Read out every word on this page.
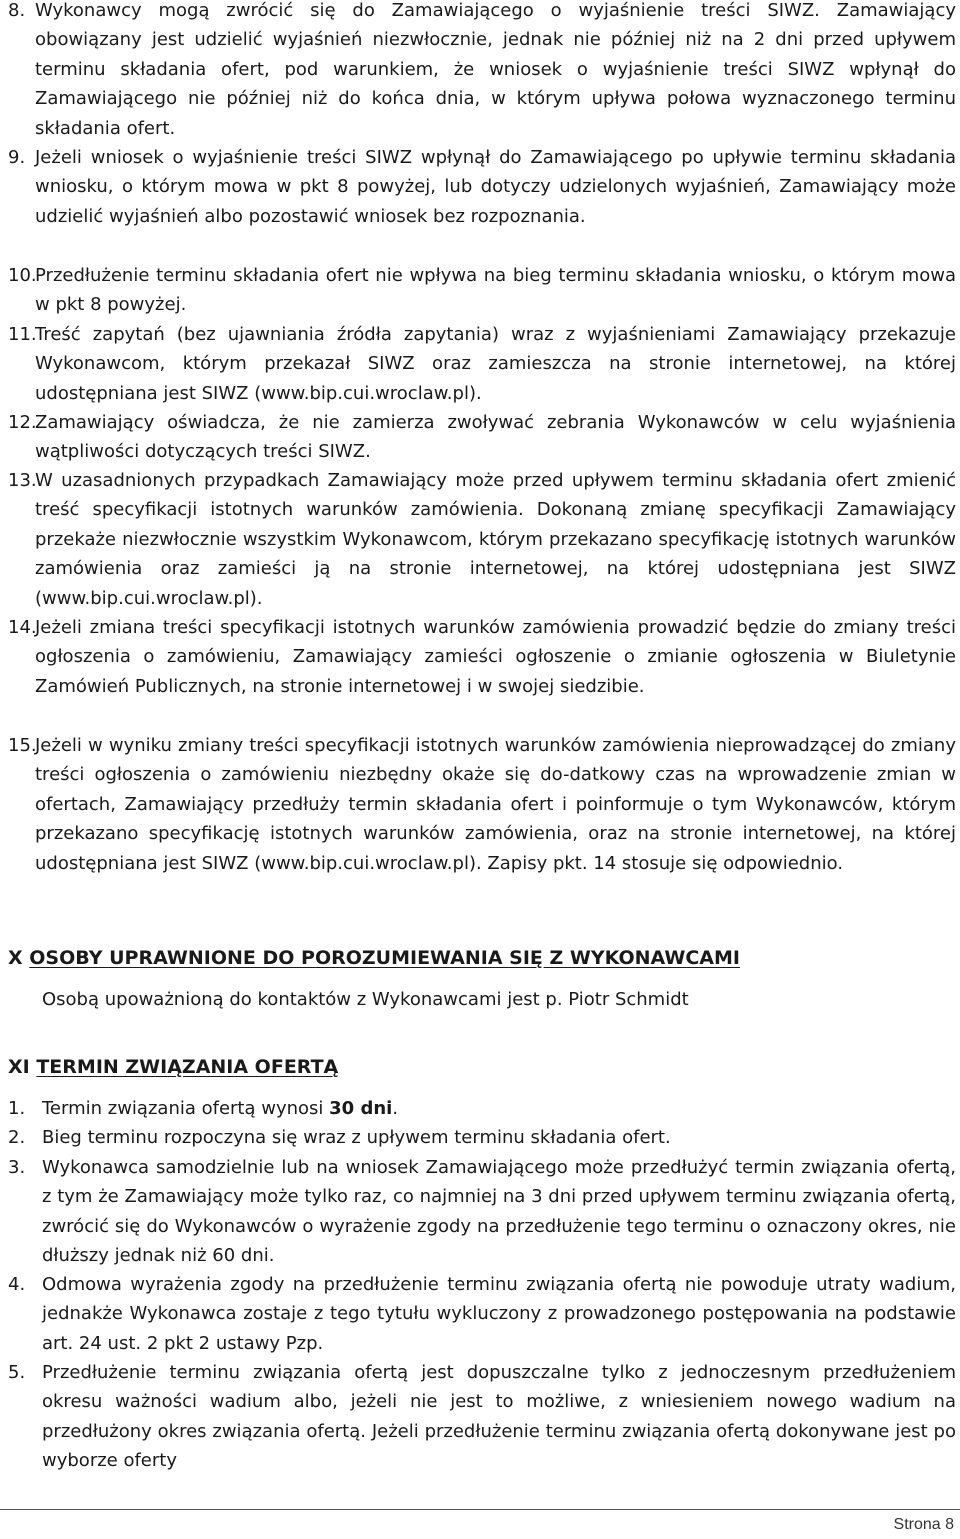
8. Wykonawcy mogą zwrócić się do Zamawiającego o wyjaśnienie treści SIWZ. Zamawiający obowiązany jest udzielić wyjaśnień niezwłocznie, jednak nie później niż na 2 dni przed upływem terminu składania ofert, pod warunkiem, że wniosek o wyjaśnienie treści SIWZ wpłynął do Zamawiającego nie później niż do końca dnia, w którym upływa połowa wyznaczonego terminu składania ofert.
9. Jeżeli wniosek o wyjaśnienie treści SIWZ wpłynął do Zamawiającego po upływie terminu składania wniosku, o którym mowa w pkt 8 powyżej, lub dotyczy udzielonych wyjaśnień, Zamawiający może udzielić wyjaśnień albo pozostawić wniosek bez rozpoznania.
10.
Przedłużenie terminu składania ofert nie wpływa na bieg terminu składania wniosku, o którym mowa w pkt 8 powyżej.
11.
Treść zapytań (bez ujawniania źródła zapytania) wraz z wyjaśnieniami Zamawiający przekazuje Wykonawcom, którym przekazał SIWZ oraz zamieszcza na stronie internetowej, na której udostępniana jest SIWZ (www.bip.cui.wroclaw.pl).
12.
Zamawiający oświadcza, że nie zamierza zwoływać zebrania Wykonawców w celu wyjaśnienia wątpliwości dotyczących treści SIWZ.
13.
W uzasadnionych przypadkach Zamawiający może przed upływem terminu składania ofert zmienić treść specyfikacji istotnych warunków zamówienia. Dokonaną zmianę specyfikacji Zamawiający przekaże niezwłocznie wszystkim Wykonawcom, którym przekazano specyfikację istotnych warunków zamówienia oraz zamieści ją na stronie internetowej, na której udostępniana jest SIWZ (www.bip.cui.wroclaw.pl).
14.
Jeżeli zmiana treści specyfikacji istotnych warunków zamówienia prowadzić będzie do zmiany treści ogłoszenia o zamówieniu, Zamawiający zamieści ogłoszenie o zmianie ogłoszenia w Biuletynie Zamówień Publicznych, na stronie internetowej i w swojej siedzibie.
15.
Jeżeli w wyniku zmiany treści specyfikacji istotnych warunków zamówienia nieprowadzącej do zmiany treści ogłoszenia o zamówieniu niezbędny okaże się do-datkowy czas na wprowadzenie zmian w ofertach, Zamawiający przedłuży termin składania ofert i poinformuje o tym Wykonawców, którym przekazano specyfikację istotnych warunków zamówienia, oraz na stronie internetowej, na której udostępniana jest SIWZ (www.bip.cui.wroclaw.pl). Zapisy pkt. 14 stosuje się odpowiednio.
X OSOBY UPRAWNIONE DO POROZUMIEWANIA SIĘ Z WYKONAWCAMI
Osobą upoważnioną do kontaktów z Wykonawcami jest p. Piotr Schmidt
XI TERMIN ZWIĄZANIA OFERTĄ
1. Termin związania ofertą wynosi 30 dni.
2. Bieg terminu rozpoczyna się wraz z upływem terminu składania ofert.
3. Wykonawca samodzielnie lub na wniosek Zamawiającego może przedłużyć termin związania ofertą, z tym że Zamawiający może tylko raz, co najmniej na 3 dni przed upływem terminu związania ofertą, zwrócić się do Wykonawców o wyrażenie zgody na przedłużenie tego terminu o oznaczony okres, nie dłuższy jednak niż 60 dni.
4. Odmowa wyrażenia zgody na przedłużenie terminu związania ofertą nie powoduje utraty wadium, jednakże Wykonawca zostaje z tego tytułu wykluczony z prowadzonego postępowania na podstawie art. 24 ust. 2 pkt 2 ustawy Pzp.
5. Przedłużenie terminu związania ofertą jest dopuszczalne tylko z jednoczesnym przedłużeniem okresu ważności wadium albo, jeżeli nie jest to możliwe, z wniesieniem nowego wadium na przedłużony okres związania ofertą. Jeżeli przedłużenie terminu związania ofertą dokonywane jest po wyborze oferty
Strona 8
